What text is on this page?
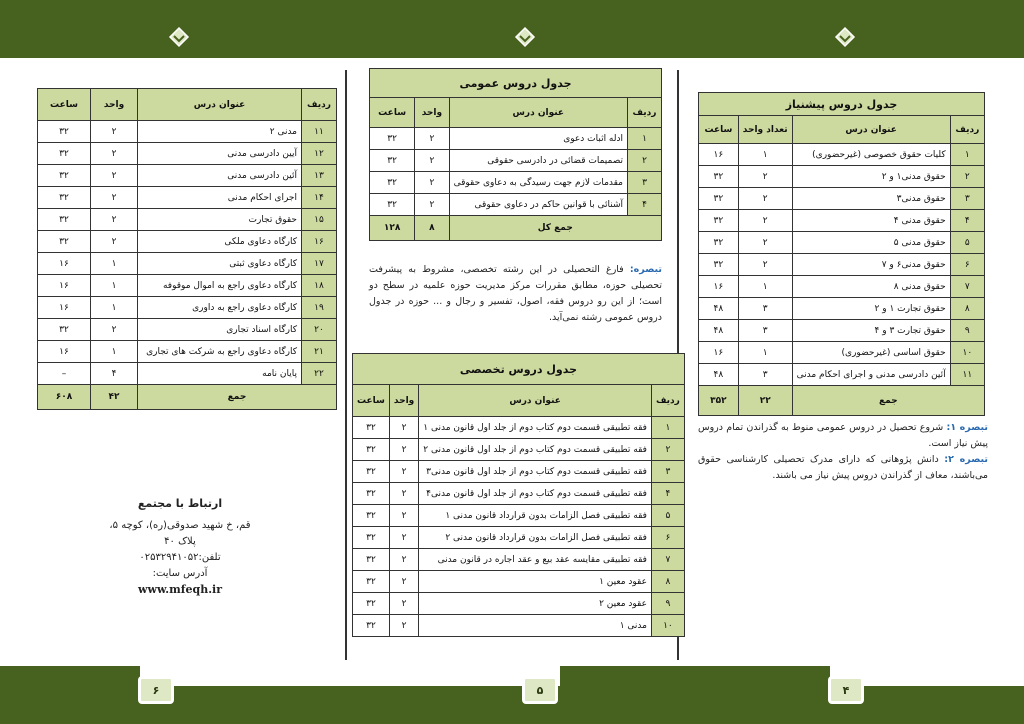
۶	۵	۴
ردیف	عنوان درس	واحد	ساعت
۱۱	مدنی ۲	۲	۳۲
۱۲	آیین دادرسی مدنی	۲	۳۲
۱۳	آئین دادرسی مدنی	۲	۳۲
۱۴	اجرای احکام مدنی	۲	۳۲
۱۵	حقوق تجارت	۲	۳۲
۱۶	کارگاه دعاوی ملکی	۲	۳۲
۱۷	کارگاه دعاوی ثبتی	۱	۱۶
۱۸	کارگاه دعاوی راجع به اموال موقوفه	۱	۱۶
۱۹	کارگاه دعاوی راجع به داوری	۱	۱۶
۲۰	کارگاه اسناد تجاری	۲	۳۲
۲۱	کارگاه دعاوی راجع به شرکت های تجاری	۱	۱۶
۲۲	پایان نامه	۴	–
جمع		۴۲	۶۰۸
ارتباط با مجتمع
قم، خ شهید صدوقی(ره)، کوچه ۵، پلاک ۴۰
تلفن:۰۲۵۳۲۹۴۱۰۵۲
آدرس سایت:
www.mfeqh.ir
جدول دروس عمومی			
ردیف	عنوان درس	واحد	ساعت
۱	ادله اثبات دعوی	۲	۳۲
۲	تصمیمات قضائی در دادرسی حقوقی	۲	۳۲
۳	مقدمات لازم جهت رسیدگی به دعاوی حقوقی	۲	۳۲
۴	آشنائی با قوانین حاکم در دعاوی حقوقی	۲	۳۲
جمع کل		۸	۱۲۸
تبصره: فارغ التحصیلی در این رشته تخصصی، مشروط به پیشرفت تحصیلی حوزه، مطابق مقررات مرکز مدیریت حوزه علمیه در سطح دو است؛ از این رو دروس فقه، اصول، تفسیر و رجال و ... حوزه در جدول دروس عمومی رشته نمی‌آید.
جدول دروس تخصصی			
ردیف	عنوان درس	واحد	ساعت
۱	فقه تطبیقی قسمت دوم کتاب دوم از جلد اول قانون مدنی ۱	۲	۳۲
۲	فقه تطبیقی قسمت دوم کتاب دوم از جلد اول قانون مدنی ۲	۲	۳۲
۳	فقه تطبیقی قسمت دوم کتاب دوم از جلد اول قانون مدنی۳	۲	۳۲
۴	فقه تطبیقی قسمت دوم کتاب دوم از جلد اول قانون مدنی۴	۲	۳۲
۵	فقه تطبیقی فصل الزامات بدون قرارداد قانون مدنی ۱	۲	۳۲
۶	فقه تطبیقی فصل الزامات بدون قرارداد قانون مدنی ۲	۲	۳۲
۷	فقه تطبیقی مقایسه عقد بیع و عقد اجاره در قانون مدنی	۲	۳۲
۸	عقود معین ۱	۲	۳۲
۹	عقود معین ۲	۲	۳۲
۱۰	مدنی ۱	۲	۳۲
جدول دروس پیشنیاز			
ردیف	عنوان درس	تعداد واحد	ساعت
۱	کلیات حقوق خصوصی (غیرحضوری)	۱	۱۶
۲	حقوق مدنی۱ و ۲	۲	۳۲
۳	حقوق مدنی۳	۲	۳۲
۴	حقوق مدنی ۴	۲	۳۲
۵	حقوق مدنی ۵	۲	۳۲
۶	حقوق مدنی۶ و ۷	۲	۳۲
۷	حقوق مدنی ۸	۱	۱۶
۸	حقوق تجارت ۱ و ۲	۳	۴۸
۹	حقوق تجارت ۳ و ۴	۳	۴۸
۱۰	حقوق اساسی (غیرحضوری)	۱	۱۶
۱۱	آئین دادرسی مدنی و اجرای احکام مدنی	۳	۴۸
جمع		۲۲	۳۵۲
تبصره ۱: شروع تحصیل در دروس عمومی منوط به گذراندن تمام دروس پیش نیاز است.
تبصره ۲: دانش پژوهانی که دارای مدرک تحصیلی کارشناسی حقوق می‌باشند، معاف از گذراندن دروس پیش نیاز می باشند.
